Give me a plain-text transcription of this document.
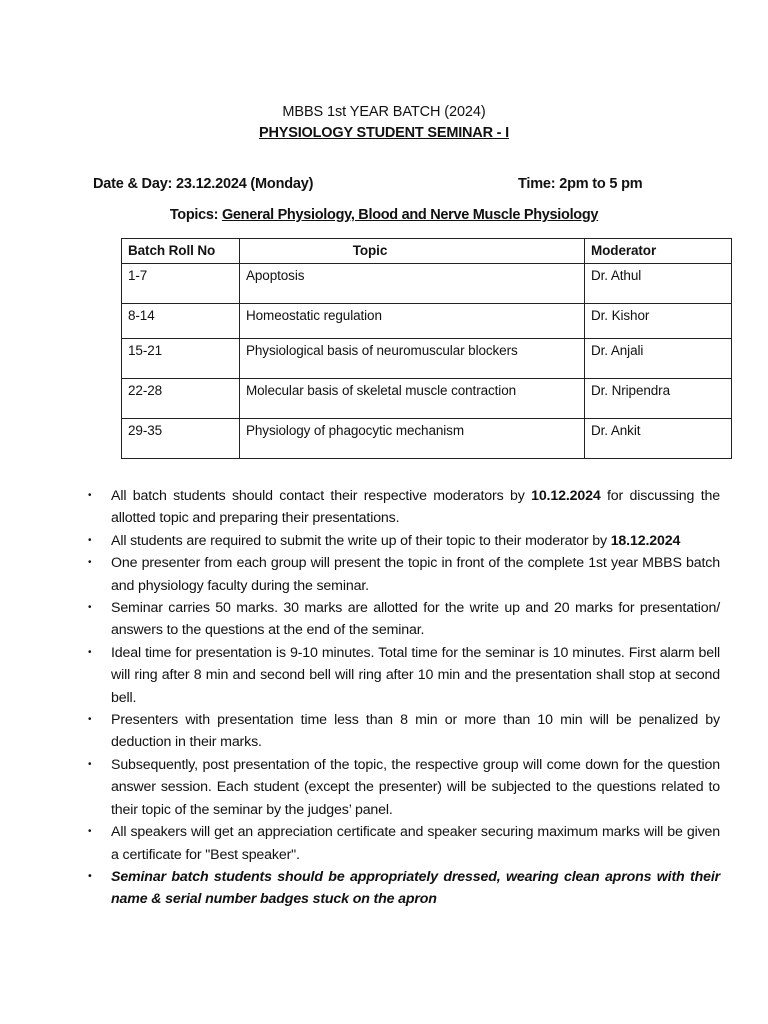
MBBS 1st YEAR BATCH (2024)
PHYSIOLOGY STUDENT SEMINAR - I
Date & Day: 23.12.2024 (Monday)	Time: 2pm to 5 pm
Topics: General Physiology, Blood and Nerve Muscle Physiology
Batch Roll No	Topic	Moderator
1-7	Apoptosis	Dr. Athul
8-14	Homeostatic regulation	Dr. Kishor
15-21	Physiological basis of neuromuscular blockers	Dr. Anjali
22-28	Molecular basis of skeletal muscle contraction	Dr. Nripendra
29-35	Physiology of phagocytic mechanism	Dr. Ankit
• All batch students should contact their respective moderators by 10.12.2024 for discussing the allotted topic and preparing their presentations.
• All students are required to submit the write up of their topic to their moderator by 18.12.2024
• One presenter from each group will present the topic in front of the complete 1st year MBBS batch and physiology faculty during the seminar.
• Seminar carries 50 marks. 30 marks are allotted for the write up and 20 marks for presentation/ answers to the questions at the end of the seminar.
• Ideal time for presentation is 9-10 minutes. Total time for the seminar is 10 minutes. First alarm bell will ring after 8 min and second bell will ring after 10 min and the presentation shall stop at second bell.
• Presenters with presentation time less than 8 min or more than 10 min will be penalized by deduction in their marks.
• Subsequently, post presentation of the topic, the respective group will come down for the question answer session. Each student (except the presenter) will be subjected to the questions related to their topic of the seminar by the judges’ panel.
• All speakers will get an appreciation certificate and speaker securing maximum marks will be given a certificate for "Best speaker".
• Seminar batch students should be appropriately dressed, wearing clean aprons with their name & serial number badges stuck on the apron
